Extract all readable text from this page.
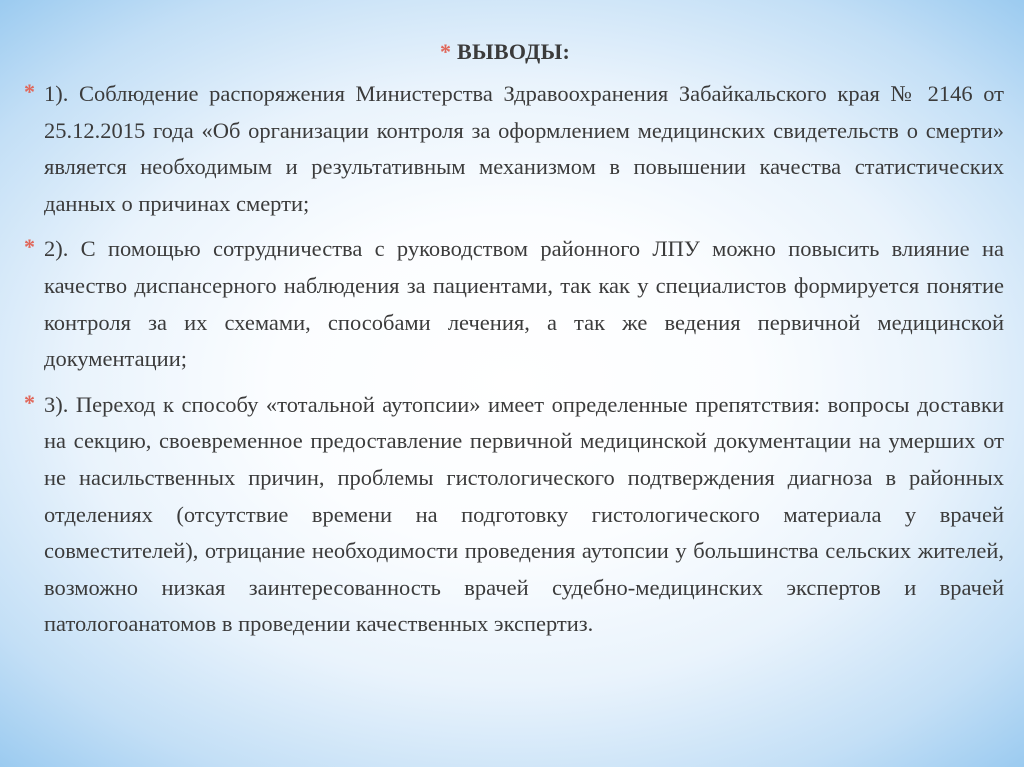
* ВЫВОДЫ:
* 1). Соблюдение распоряжения Министерства Здравоохранения Забайкальского края № 2146 от 25.12.2015 года «Об организации контроля за оформлением медицинских свидетельств о смерти» является необходимым и результативным механизмом в повышении качества статистических данных о причинах смерти;
* 2). С помощью сотрудничества с руководством районного ЛПУ можно повысить влияние на качество диспансерного наблюдения за пациентами, так как у специалистов формируется понятие контроля за их схемами, способами лечения, а так же ведения первичной медицинской документации;
* 3). Переход к способу «тотальной аутопсии» имеет определенные препятствия: вопросы доставки на секцию, своевременное предоставление первичной медицинской документации на умерших от не насильственных причин, проблемы гистологического подтверждения диагноза в районных отделениях (отсутствие времени на подготовку гистологического материала у врачей совместителей), отрицание необходимости проведения аутопсии у большинства сельских жителей, возможно низкая заинтересованность врачей судебно-медицинских экспертов и врачей патологоанатомов в проведении качественных экспертиз.
